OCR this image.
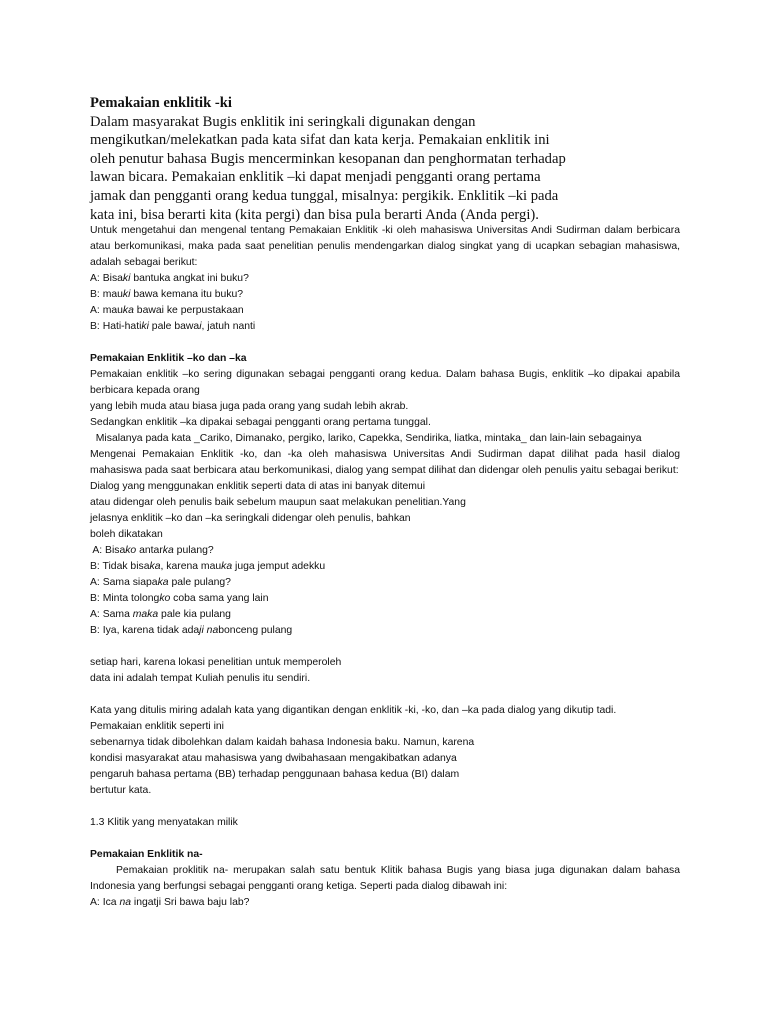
Pemakaian enklitik -ki
Dalam masyarakat Bugis enklitik ini seringkali digunakan dengan
mengikutkan/melekatkan pada kata sifat dan kata kerja. Pemakaian enklitik ini
oleh penutur bahasa Bugis mencerminkan kesopanan dan penghormatan terhadap
lawan bicara. Pemakaian enklitik –ki dapat menjadi pengganti orang pertama
jamak dan pengganti orang kedua tunggal, misalnya: pergikik. Enklitik –ki pada
kata ini, bisa berarti kita (kita pergi) dan bisa pula berarti Anda (Anda pergi).

Untuk mengetahui dan mengenal tentang Pemakaian Enklitik -ki oleh mahasiswa Universitas Andi Sudirman dalam berbicara atau berkomunikasi, maka pada saat penelitian penulis mendengarkan dialog singkat yang di ucapkan sebagian mahasiswa, adalah sebagai berikut:

A: Bisaki bantuka angkat ini buku?
B: mauki bawa kemana itu buku?
A: mauka bawai ke perpustakaan
B: Hati-hatiki pale bawai, jatuh nanti
Pemakaian Enklitik –ko dan –ka

Pemakaian enklitik –ko sering digunakan sebagai pengganti orang kedua. Dalam bahasa Bugis, enklitik –ko dipakai apabila berbicara kepada orang

yang lebih muda atau biasa juga pada orang yang sudah lebih akrab.

Sedangkan enklitik –ka dipakai sebagai pengganti orang pertama tunggal.

Misalanya pada kata _Cariko, Dimanako, pergiko, lariko, Capekka, Sendirika, liatka, mintaka_ dan lain-lain sebagainya

Mengenai Pemakaian Enklitik -ko, dan -ka oleh mahasiswa Universitas Andi Sudirman dapat dilihat pada hasil dialog mahasiswa pada saat berbicara atau berkomunikasi, dialog yang sempat dilihat dan didengar oleh penulis yaitu sebagai berikut:

Dialog yang menggunakan enklitik seperti data di atas ini banyak ditemui
atau didengar oleh penulis baik sebelum maupun saat melakukan penelitian.Yang
jelasnya enklitik –ko dan –ka seringkali didengar oleh penulis, bahkan
boleh dikatakan
A: Bisako antarka pulang?
B: Tidak bisaka, karena mauka juga jemput adekku
A: Sama siapaka pale pulang?
B: Minta tolongko coba sama yang lain
A: Sama maka pale kia pulang
B: Iya, karena tidak adaji nabonceng pulang
setiap hari, karena lokasi penelitian untuk memperoleh
data ini adalah tempat Kuliah penulis itu sendiri.

Kata yang ditulis miring adalah kata yang digantikan dengan enklitik -ki, -ko, dan –ka pada dialog yang dikutip tadi.

Pemakaian enklitik seperti ini
sebenarnya tidak dibolehkan dalam kaidah bahasa Indonesia baku. Namun, karena
kondisi masyarakat atau mahasiswa yang dwibahasaan mengakibatkan adanya
pengaruh bahasa pertama (BB) terhadap penggunaan bahasa kedua (BI) dalam
bertutur kata.
1.3 Klitik yang menyatakan milik
Pemakaian Enklitik na-

Pemakaian proklitik na- merupakan salah satu bentuk Klitik bahasa Bugis yang biasa juga digunakan dalam bahasa Indonesia yang berfungsi sebagai pengganti orang ketiga. Seperti pada dialog dibawah ini:

A: Ica na ingatji Sri bawa baju lab?
